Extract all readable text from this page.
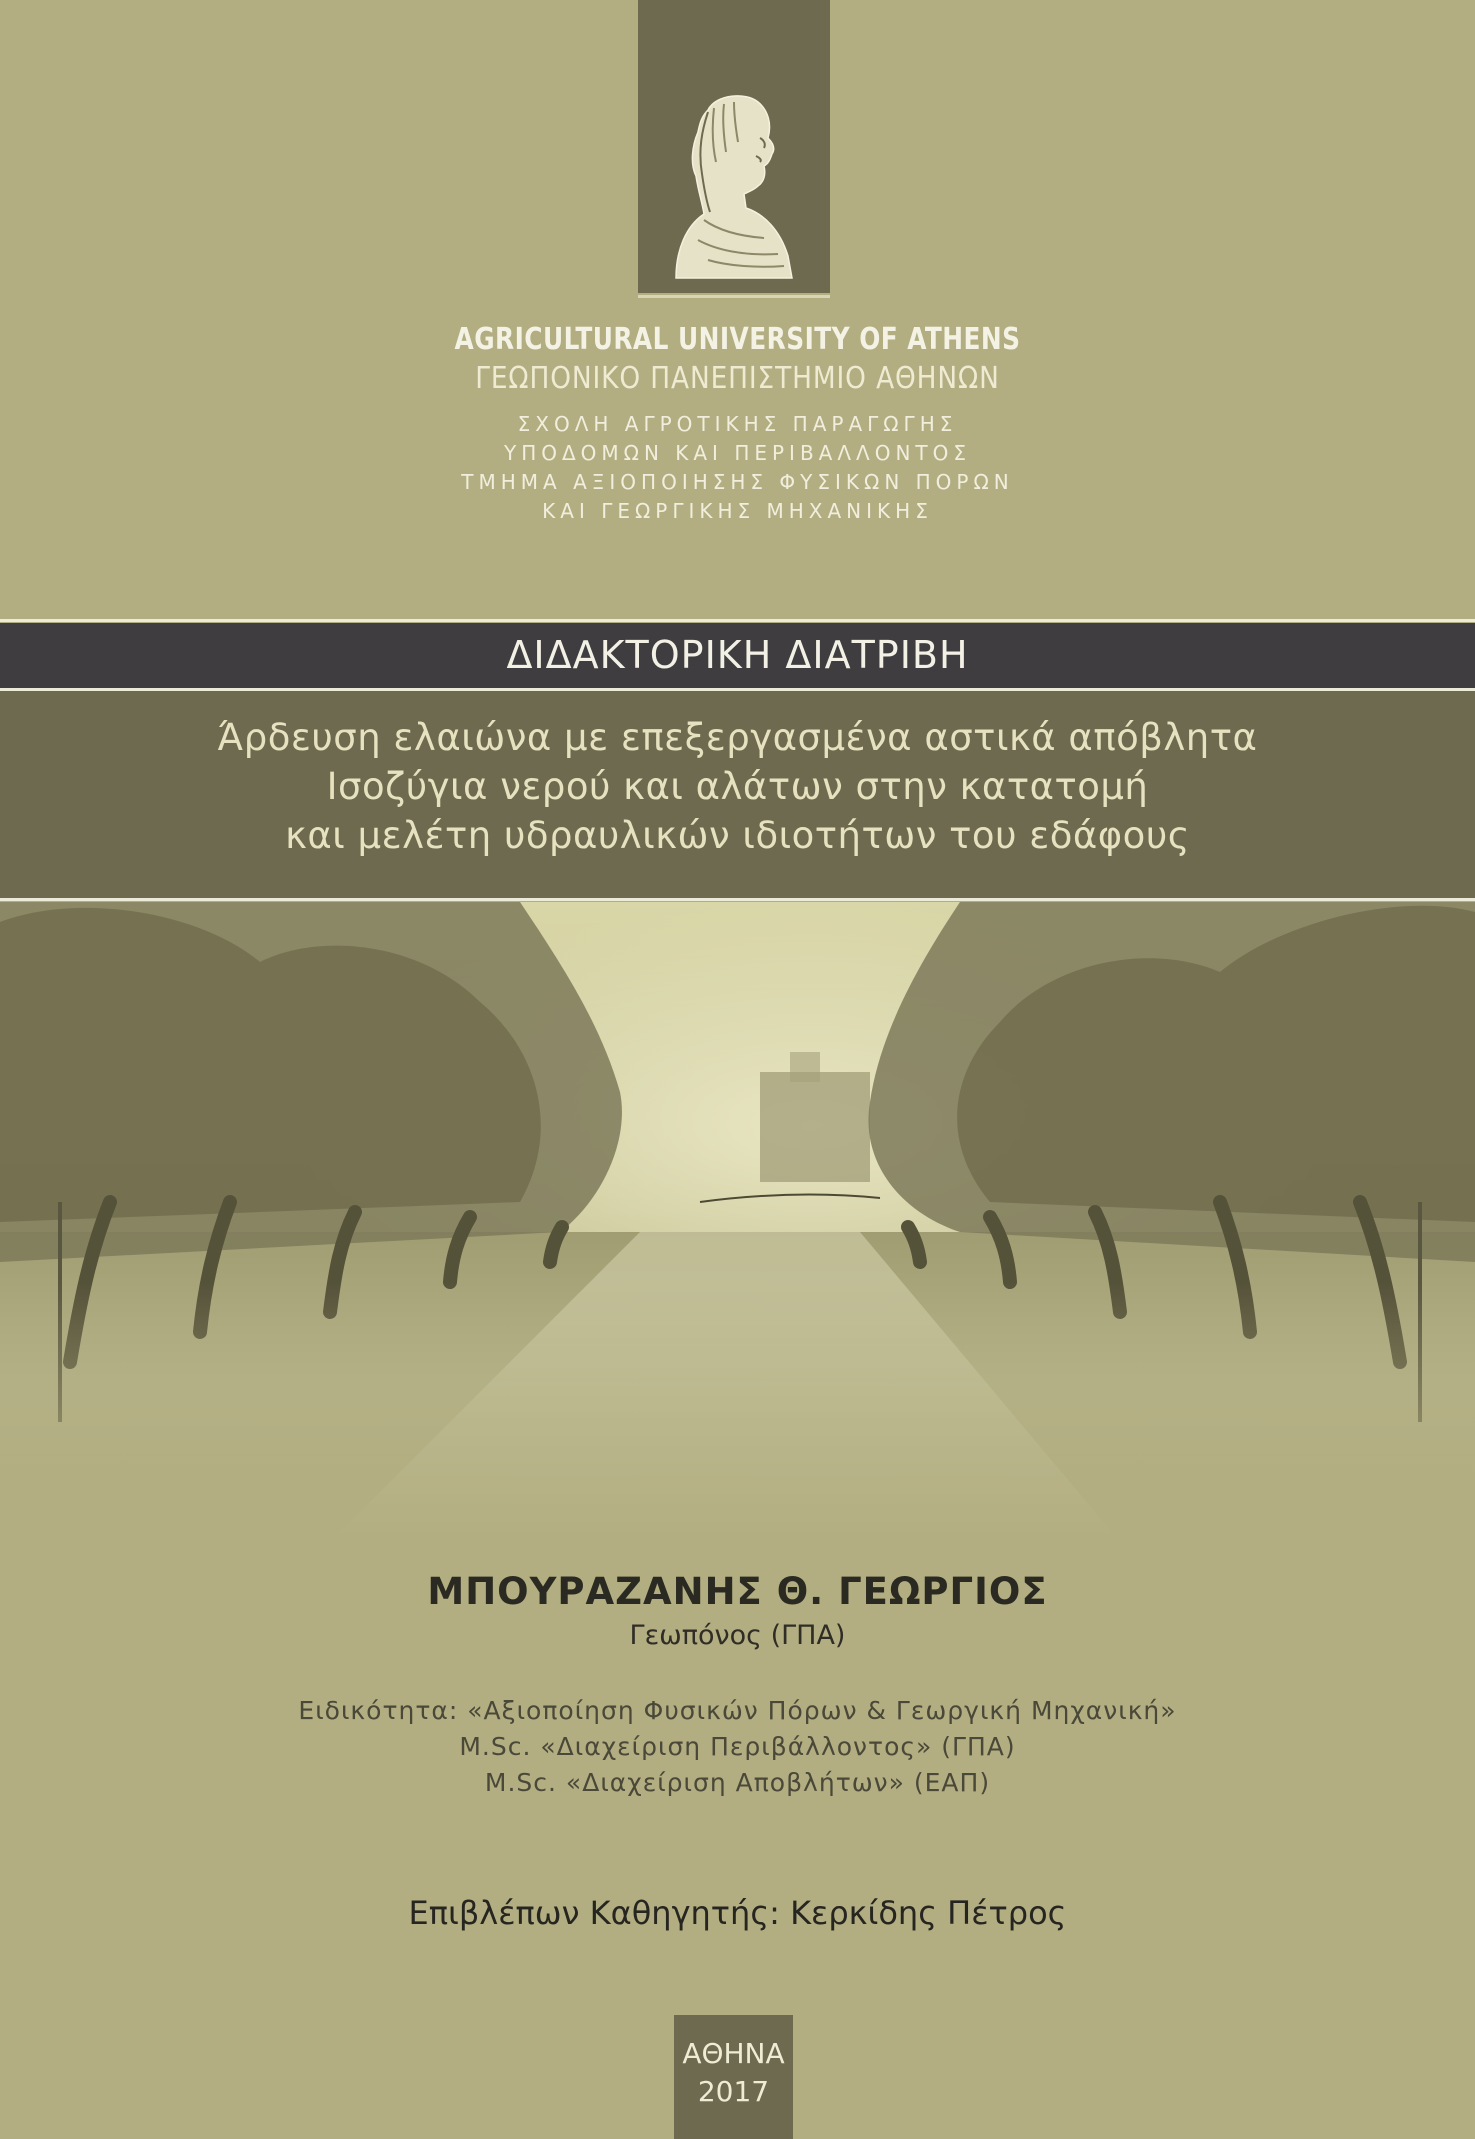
AGRICULTURAL UNIVERSITY OF ATHENS
ΓΕΩΠΟΝΙΚΟ ΠΑΝΕΠΙΣΤΗΜΙΟ ΑΘΗΝΩΝ
ΣΧΟΛΗ ΑΓΡΟΤΙΚΗΣ ΠΑΡΑΓΩΓΗΣ
ΥΠΟΔΟΜΩΝ ΚΑΙ ΠΕΡΙΒΑΛΛΟΝΤΟΣ
ΤΜΗΜΑ ΑΞΙΟΠΟΙΗΣΗΣ ΦΥΣΙΚΩΝ ΠΟΡΩΝ
ΚΑΙ ΓΕΩΡΓΙΚΗΣ ΜΗΧΑΝΙΚΗΣ
ΔΙΔΑΚΤΟΡΙΚΗ ΔΙΑΤΡΙΒΗ
Άρδευση ελαιώνα με επεξεργασμένα αστικά απόβλητα
Ισοζύγια νερού και αλάτων στην κατατομή
και μελέτη υδραυλικών ιδιοτήτων του εδάφους
ΜΠΟΥΡΑΖΑΝΗΣ Θ. ΓΕΩΡΓΙΟΣ
Γεωπόνος (ΓΠΑ)
Ειδικότητα: «Αξιοποίηση Φυσικών Πόρων & Γεωργική Μηχανική»
M.Sc. «Διαχείριση Περιβάλλοντος» (ΓΠΑ)
M.Sc. «Διαχείριση Αποβλήτων» (ΕΑΠ)
Επιβλέπων Καθηγητής: Κερκίδης Πέτρος
ΑΘΗΝΑ
2017
